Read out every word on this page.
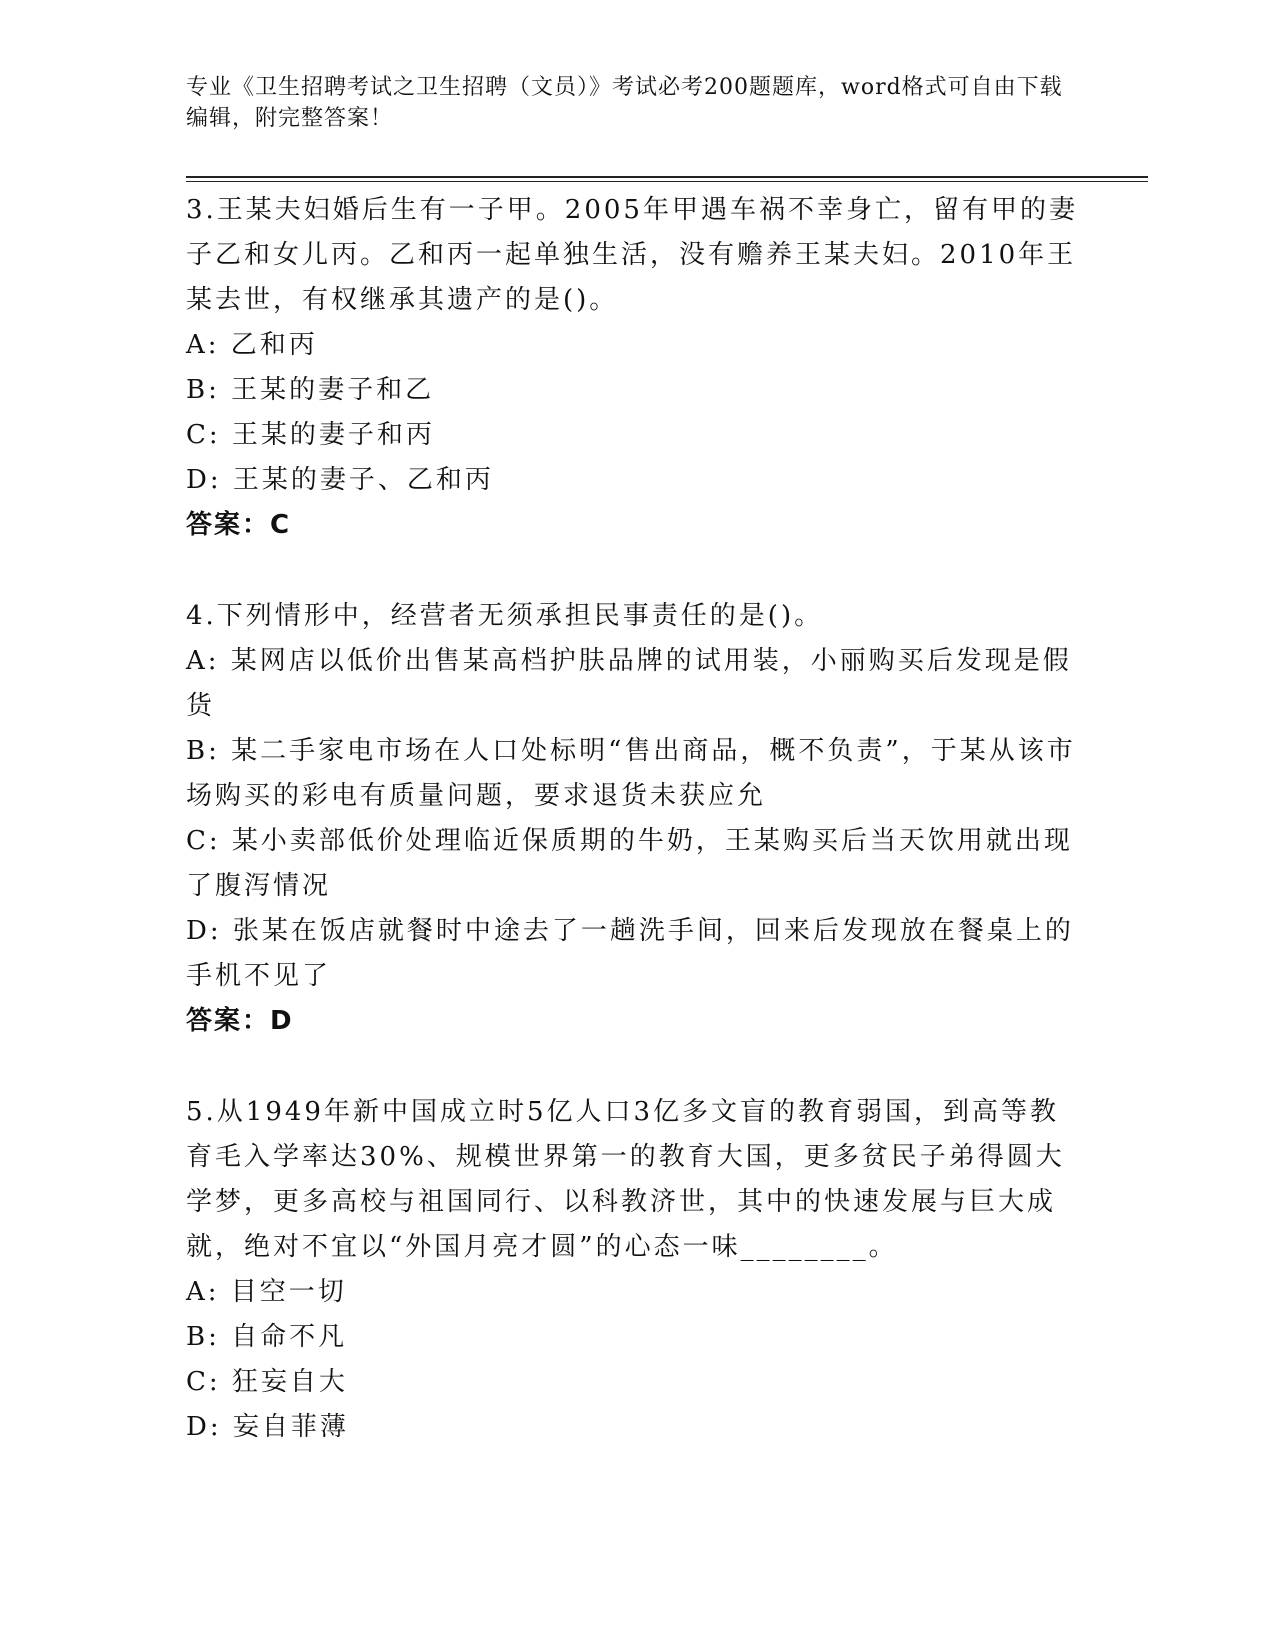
专业《卫生招聘考试之卫生招聘（文员）》考试必考200题题库，word格式可自由下载编辑，附完整答案！

3.王某夫妇婚后生有一子甲。2005年甲遇车祸不幸身亡，留有甲的妻子乙和女儿丙。乙和丙一起单独生活，没有赡养王某夫妇。2010年王某去世，有权继承其遗产的是()。

A: 乙和丙

B: 王某的妻子和乙

C: 王某的妻子和丙

D: 王某的妻子、乙和丙

答案：C

4.下列情形中，经营者无须承担民事责任的是()。

A: 某网店以低价出售某高档护肤品牌的试用装，小丽购买后发现是假货

B: 某二手家电市场在人口处标明“售出商品，概不负责”，于某从该市场购买的彩电有质量问题，要求退货未获应允

C: 某小卖部低价处理临近保质期的牛奶，王某购买后当天饮用就出现了腹泻情况

D: 张某在饭店就餐时中途去了一趟洗手间，回来后发现放在餐桌上的手机不见了

答案：D

5.从1949年新中国成立时5亿人口3亿多文盲的教育弱国，到高等教育毛入学率达30%、规模世界第一的教育大国，更多贫民子弟得圆大学梦，更多高校与祖国同行、以科教济世，其中的快速发展与巨大成就，绝对不宜以“外国月亮才圆”的心态一味________。

A: 目空一切

B: 自命不凡

C: 狂妄自大

D: 妄自菲薄
